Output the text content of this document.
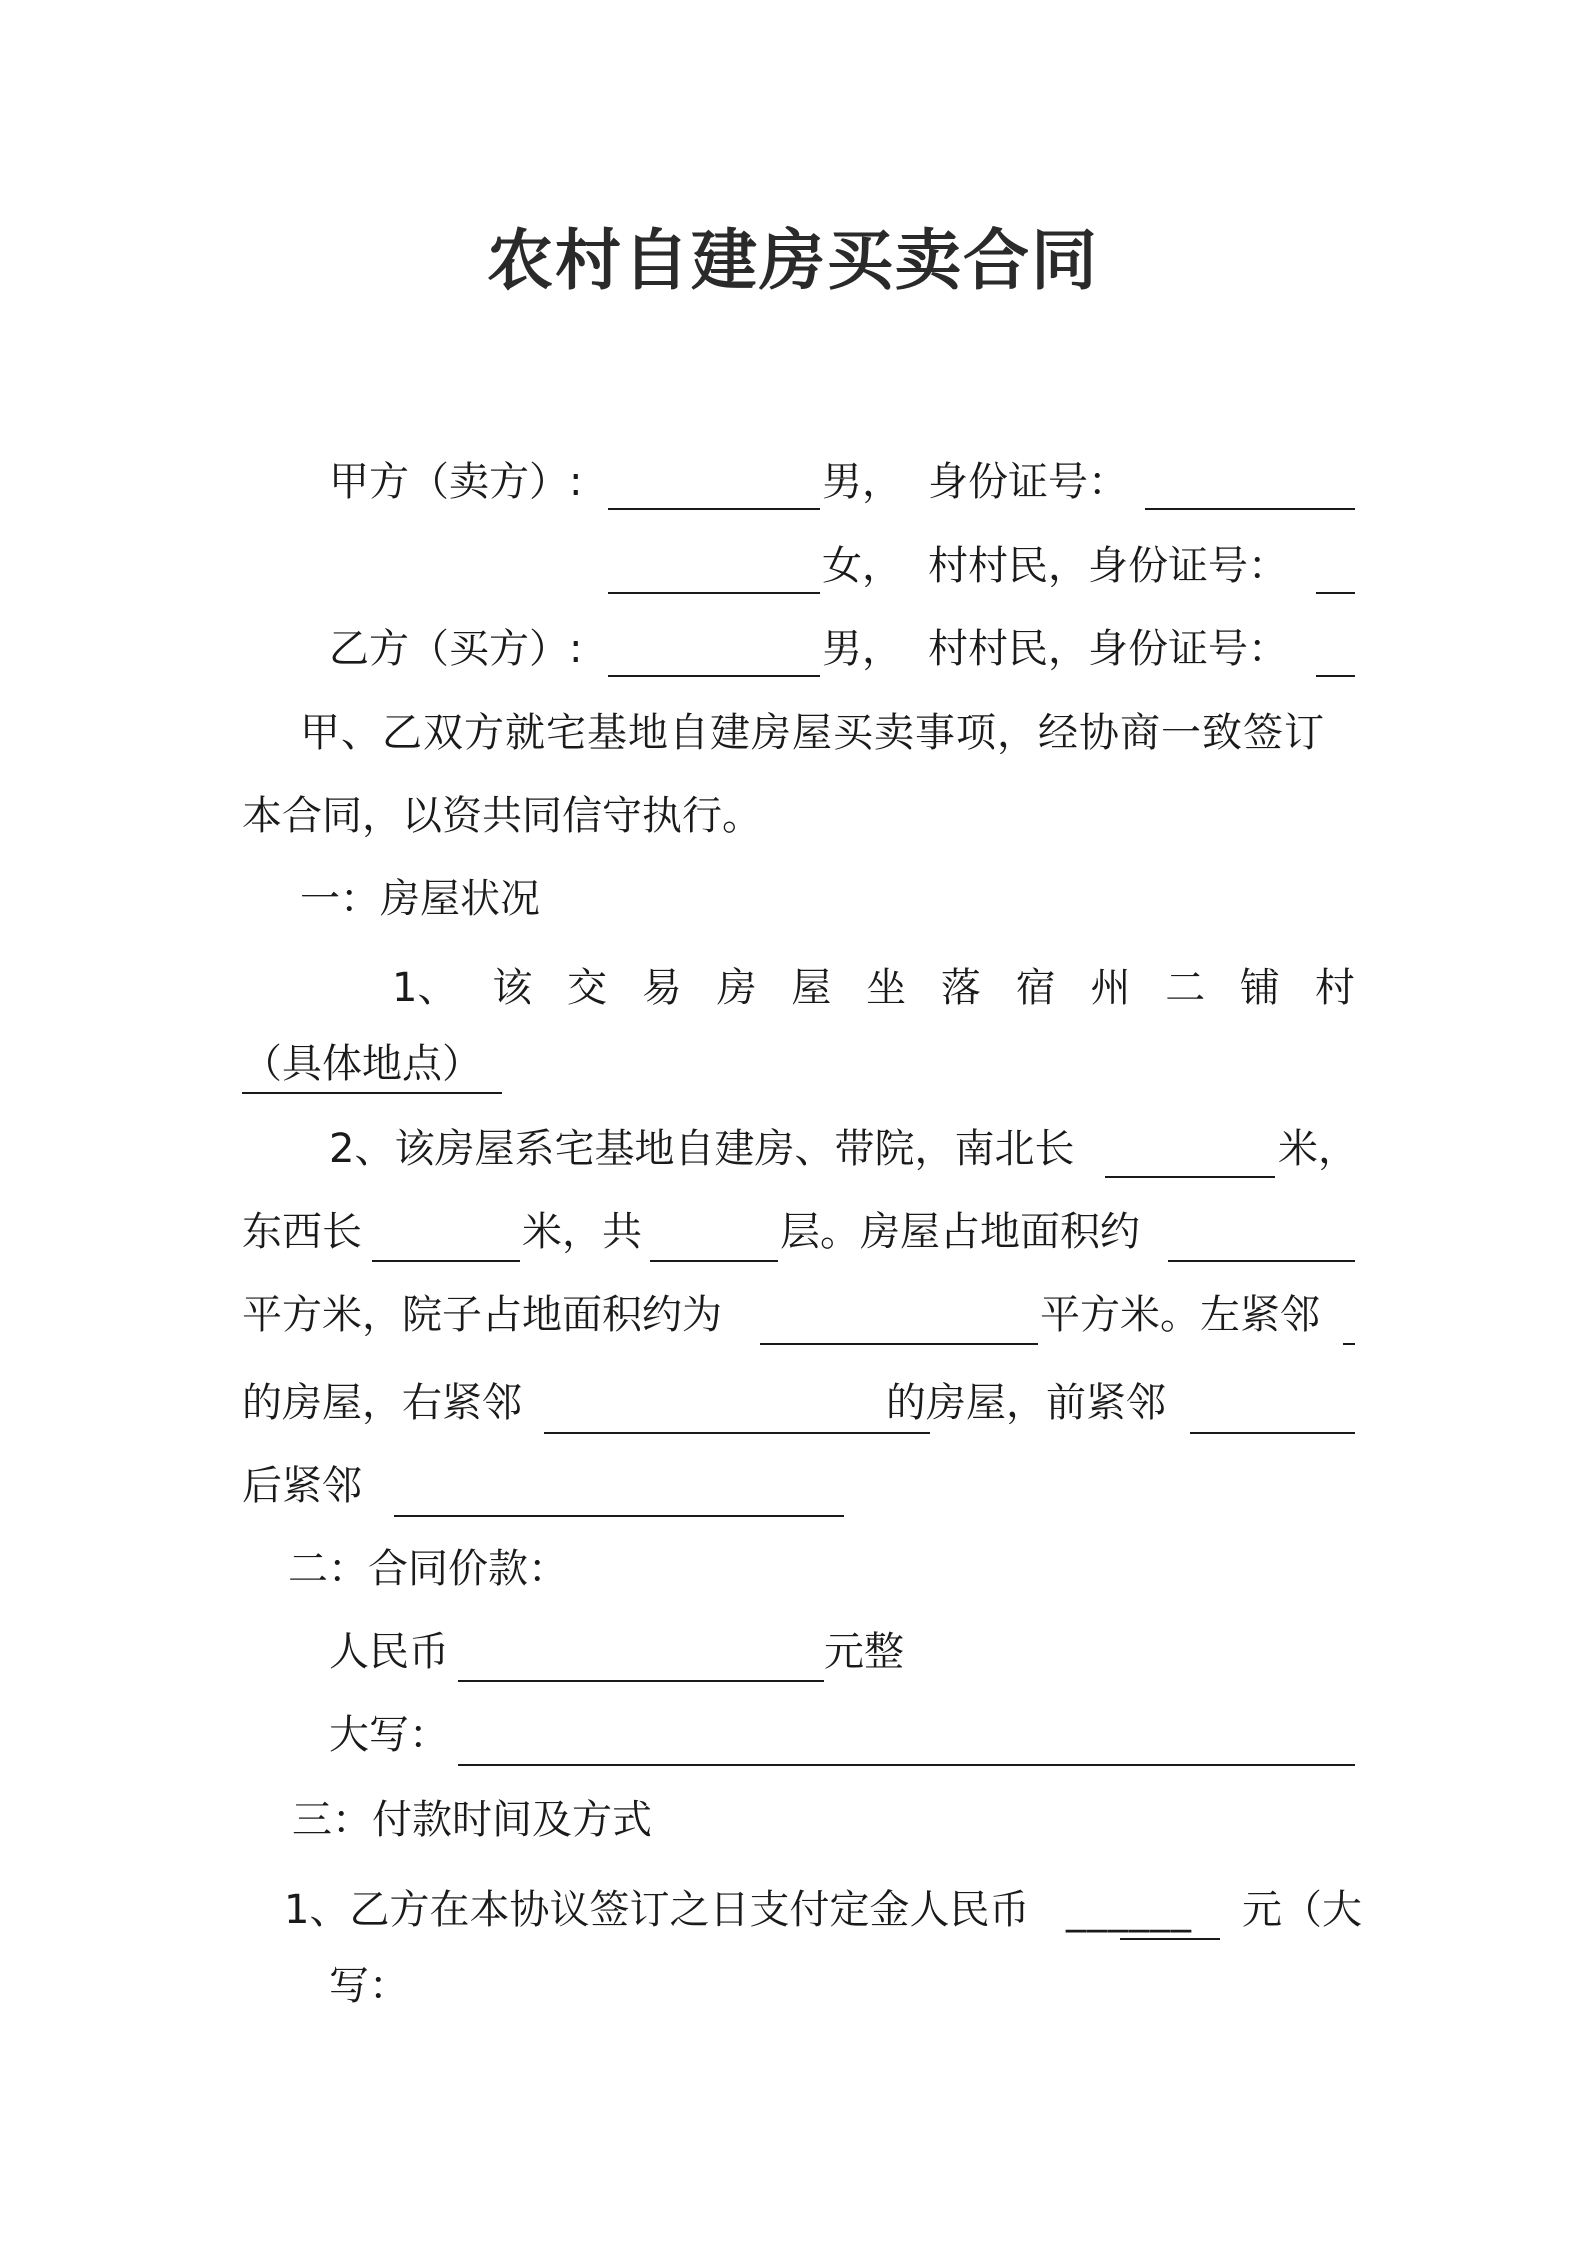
农村自建房买卖合同
甲方（卖方）:	男， 身份证号：
女， 村村民，身份证号：
乙方（买方）:	男， 村村民，身份证号：
甲、乙双方就宅基地自建房屋买卖事项，经协商一致签订
本合同，以资共同信守执行。
一：房屋状况
1、 该 交 易 房 屋 坐 落 宿 州 二 铺 村
（具体地点）
2、该房屋系宅基地自建房、带院，南北长	米，
东西长	米，共	层。房屋占地面积约
平方米，院子占地面积约为	平方米。左紧邻
的房屋，右紧邻	的房屋，前紧邻
后紧邻
二：合同价款：
人民币	元整
大写：
三：付款时间及方式
1、乙方在本协议签订之日支付定金人民币 ______ 元（大
写：
